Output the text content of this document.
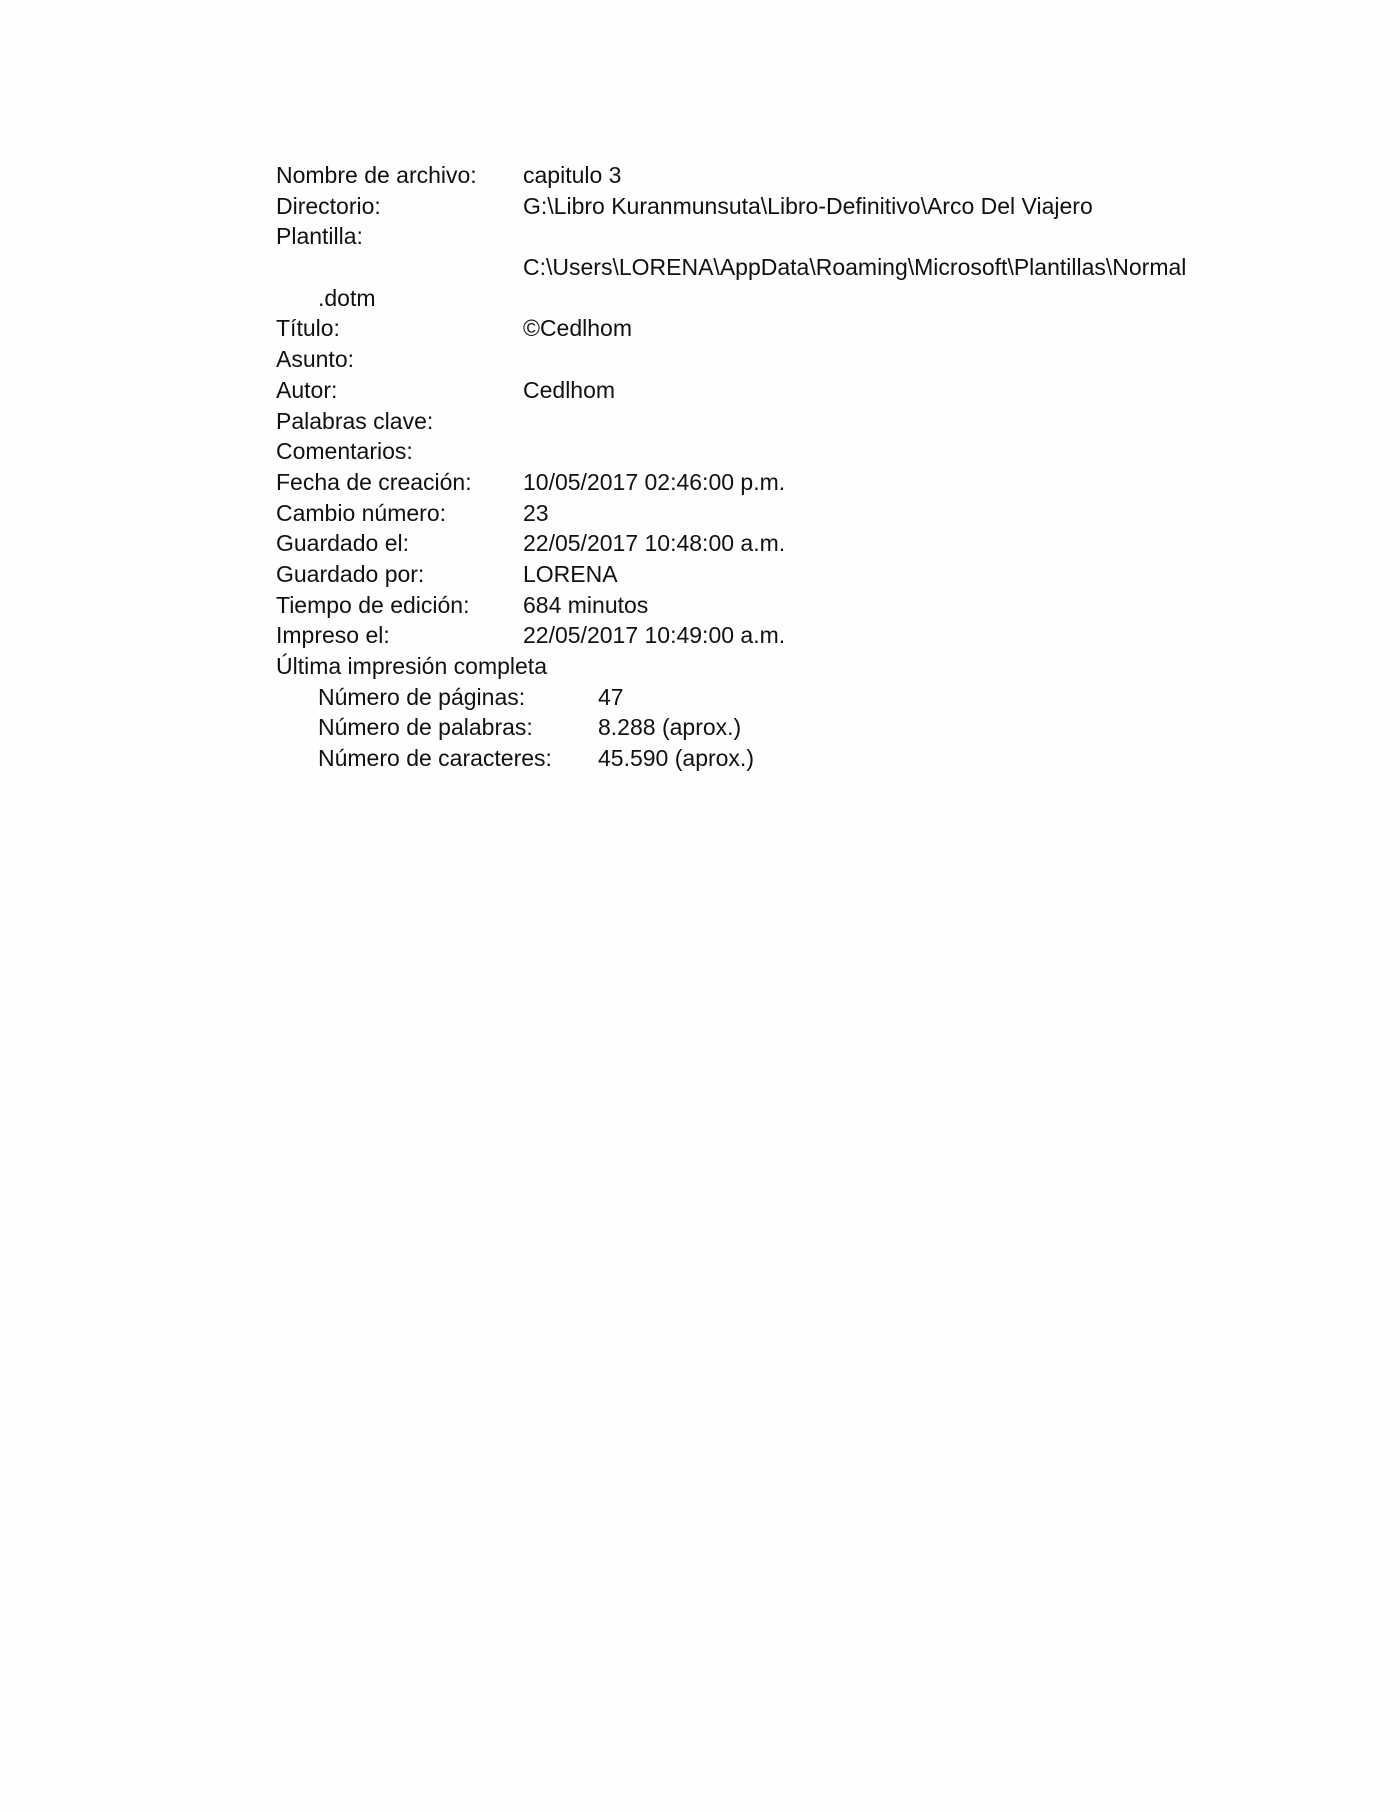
Nombre de archivo: capitulo 3
Directorio:	G:\Libro Kuranmunsuta\Libro-Definitivo\Arco Del Viajero
Plantilla:
C:\Users\LORENA\AppData\Roaming\Microsoft\Plantillas\Normal
.dotm
Título:	©Cedlhom
Asunto:
Autor:	Cedlhom
Palabras clave:
Comentarios:
Fecha de creación: 10/05/2017 02:46:00 p.m.
Cambio número:	23
Guardado el:	22/05/2017 10:48:00 a.m.
Guardado por:	LORENA
Tiempo de edición: 684 minutos
Impreso el:	22/05/2017 10:49:00 a.m.
Última impresión completa
Número de páginas:	47
Número de palabras:	8.288 (aprox.)
Número de caracteres: 45.590 (aprox.)
